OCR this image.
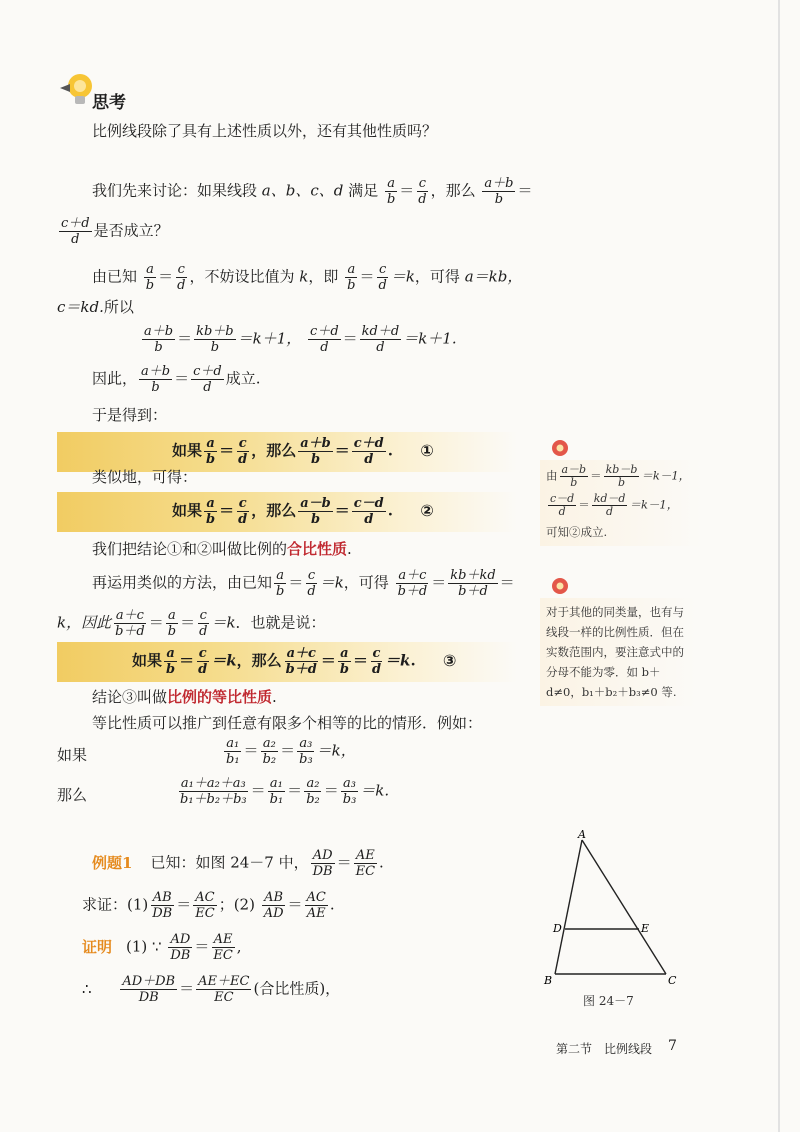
思考
比例线段除了具有上述性质以外，还有其他性质吗？
我们先来讨论：如果线段 a、b、c、d 满足 $\frac{a}{b} = \frac{c}{d}$ ，那么 $\frac{a+b}{b}$ ＝
$\frac{c+d}{d}$ 是否成立？
由已知 $\frac{a}{b} = \frac{c}{d}$ ，不妨设比值为 k，即 $\frac{a}{b} = \frac{c}{d} =k$，可得 a＝kb，
c＝kd.所以
$\frac{a+b}{b} = \frac{kb+b}{b} =k+1$， $\frac{c+d}{d} = \frac{kd+d}{d} =k+1$.
因此， $\frac{a+b}{b} = \frac{c+d}{d}$ 成立.
于是得到：
如果 $\frac{a}{b} = \frac{c}{d}$ ，那么 $\frac{a+b}{b} = \frac{c+d}{d}$ . ①
类似地，可得：
如果 $\frac{a}{b} = \frac{c}{d}$ ，那么 $\frac{a-b}{b} = \frac{c-d}{d}$ . ②
我们把结论①和②叫做比例的合比性质.
再运用类似的方法，由已知 $\frac{a}{b} = \frac{c}{d} =k$，可得 $\frac{a+c}{b+d} = \frac{kb+kd}{b+d}$ ＝
k，因此 $\frac{a+c}{b+d} = \frac{a}{b} = \frac{c}{d} =k$．也就是说：
如果 $\frac{a}{b} = \frac{c}{d} =k$，那么 $\frac{a+c}{b+d} = \frac{a}{b} = \frac{c}{d} =k$. ③
结论③叫做比例的等比性质.
等比性质可以推广到任意有限多个相等的比的情形．例如：
如果	$\frac{\text{a₁}}{\text{b₁}} = \frac{\text{a₂}}{\text{b₂}} = \frac{\text{a₃}}{\text{b₃}} =k$，
那么	$\frac{\text{a₁＋a₂＋a₃}}{\text{b₁＋b₂＋b₃}} = \frac{\text{a₁}}{\text{b₁}} = \frac{\text{a₂}}{\text{b₂}} = \frac{\text{a₃}}{\text{b₃}} =k$.
例题1 已知：如图 24－7 中， $\frac{AD}{DB} = \frac{AE}{EC}$ .
求证：$(1) \frac{AB}{DB} = \frac{AC}{EC}$ ；$(2) \frac{AB}{AD} = \frac{AC}{AE}$ .
证明 (1) ∵ $\frac{AD}{DB} = \frac{AE}{EC}$ ,
∴ $\frac{AD+DB}{DB} = \frac{AE+EC}{EC}$ (合比性质)，
由 $\frac{a-b}{b} = \frac{kb-b}{b} =k-1$，
$\frac{c-d}{d} = \frac{kd-d}{d} =k-1$，
可知②成立.
对于其他的同类量，也有与线段一样的比例性质．但在实数范围内，要注意式中的分母不能为零．如 b＋d≠0，b₁＋b₂＋b₃≠0 等.
A
B	C
D	E
图 24－7
第二节　比例线段 7
